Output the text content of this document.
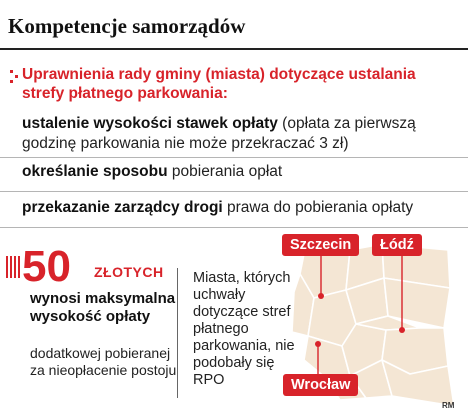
Kompetencje samorządów
Uprawnienia rady gminy (miasta) dotyczące ustalania strefy płatnego parkowania:
ustalenie wysokości stawek opłaty (opłata za pierwszą godzinę parkowania nie może przekraczać 3 zł)
określanie sposobu pobierania opłat
przekazanie zarządcy drogi prawa do pobierania opłaty
50 ZŁOTYCH
wynosi maksymalna wysokość opłaty
dodatkowej pobieranej za nieopłacenie postoju
Miasta, których uchwały dotyczące stref płatnego parkowania, nie podobały się RPO
Szczecin	Łódź
Wrocław
RM
